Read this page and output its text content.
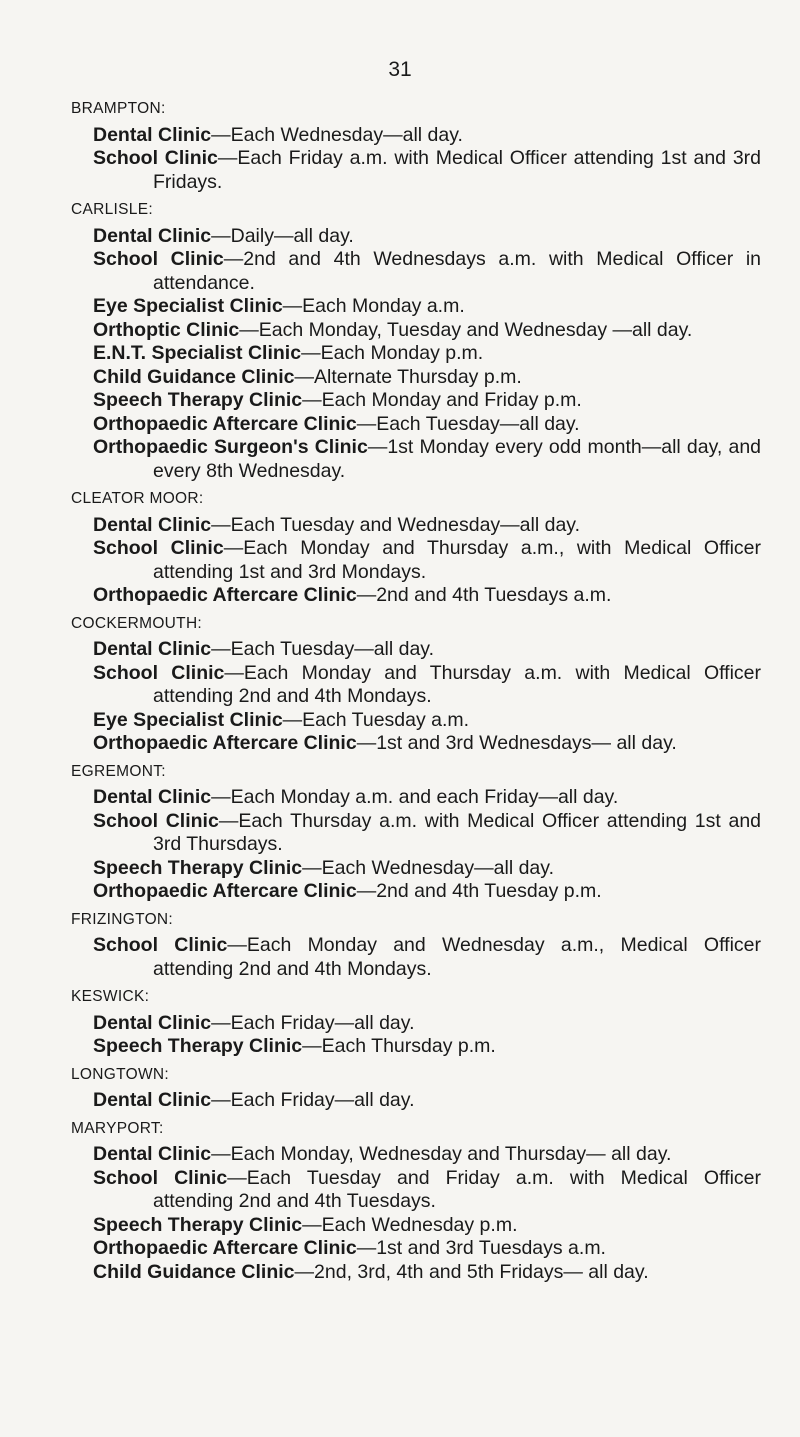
31
BRAMPTON:
Dental Clinic—Each Wednesday—all day.
School Clinic—Each Friday a.m. with Medical Officer attending 1st and 3rd Fridays.
CARLISLE:
Dental Clinic—Daily—all day.
School Clinic—2nd and 4th Wednesdays a.m. with Medical Officer in attendance.
Eye Specialist Clinic—Each Monday a.m.
Orthoptic Clinic—Each Monday, Tuesday and Wednesday —all day.
E.N.T. Specialist Clinic—Each Monday p.m.
Child Guidance Clinic—Alternate Thursday p.m.
Speech Therapy Clinic—Each Monday and Friday p.m.
Orthopaedic Aftercare Clinic—Each Tuesday—all day.
Orthopaedic Surgeon's Clinic—1st Monday every odd month—all day, and every 8th Wednesday.
CLEATOR MOOR:
Dental Clinic—Each Tuesday and Wednesday—all day.
School Clinic—Each Monday and Thursday a.m., with Medical Officer attending 1st and 3rd Mondays.
Orthopaedic Aftercare Clinic—2nd and 4th Tuesdays a.m.
COCKERMOUTH:
Dental Clinic—Each Tuesday—all day.
School Clinic—Each Monday and Thursday a.m. with Medical Officer attending 2nd and 4th Mondays.
Eye Specialist Clinic—Each Tuesday a.m.
Orthopaedic Aftercare Clinic—1st and 3rd Wednesdays— all day.
EGREMONT:
Dental Clinic—Each Monday a.m. and each Friday—all day.
School Clinic—Each Thursday a.m. with Medical Officer attending 1st and 3rd Thursdays.
Speech Therapy Clinic—Each Wednesday—all day.
Orthopaedic Aftercare Clinic—2nd and 4th Tuesday p.m.
FRIZINGTON:
School Clinic—Each Monday and Wednesday a.m., Medical Officer attending 2nd and 4th Mondays.
KESWICK:
Dental Clinic—Each Friday—all day.
Speech Therapy Clinic—Each Thursday p.m.
LONGTOWN:
Dental Clinic—Each Friday—all day.
MARYPORT:
Dental Clinic—Each Monday, Wednesday and Thursday— all day.
School Clinic—Each Tuesday and Friday a.m. with Medical Officer attending 2nd and 4th Tuesdays.
Speech Therapy Clinic—Each Wednesday p.m.
Orthopaedic Aftercare Clinic—1st and 3rd Tuesdays a.m.
Child Guidance Clinic—2nd, 3rd, 4th and 5th Fridays— all day.
